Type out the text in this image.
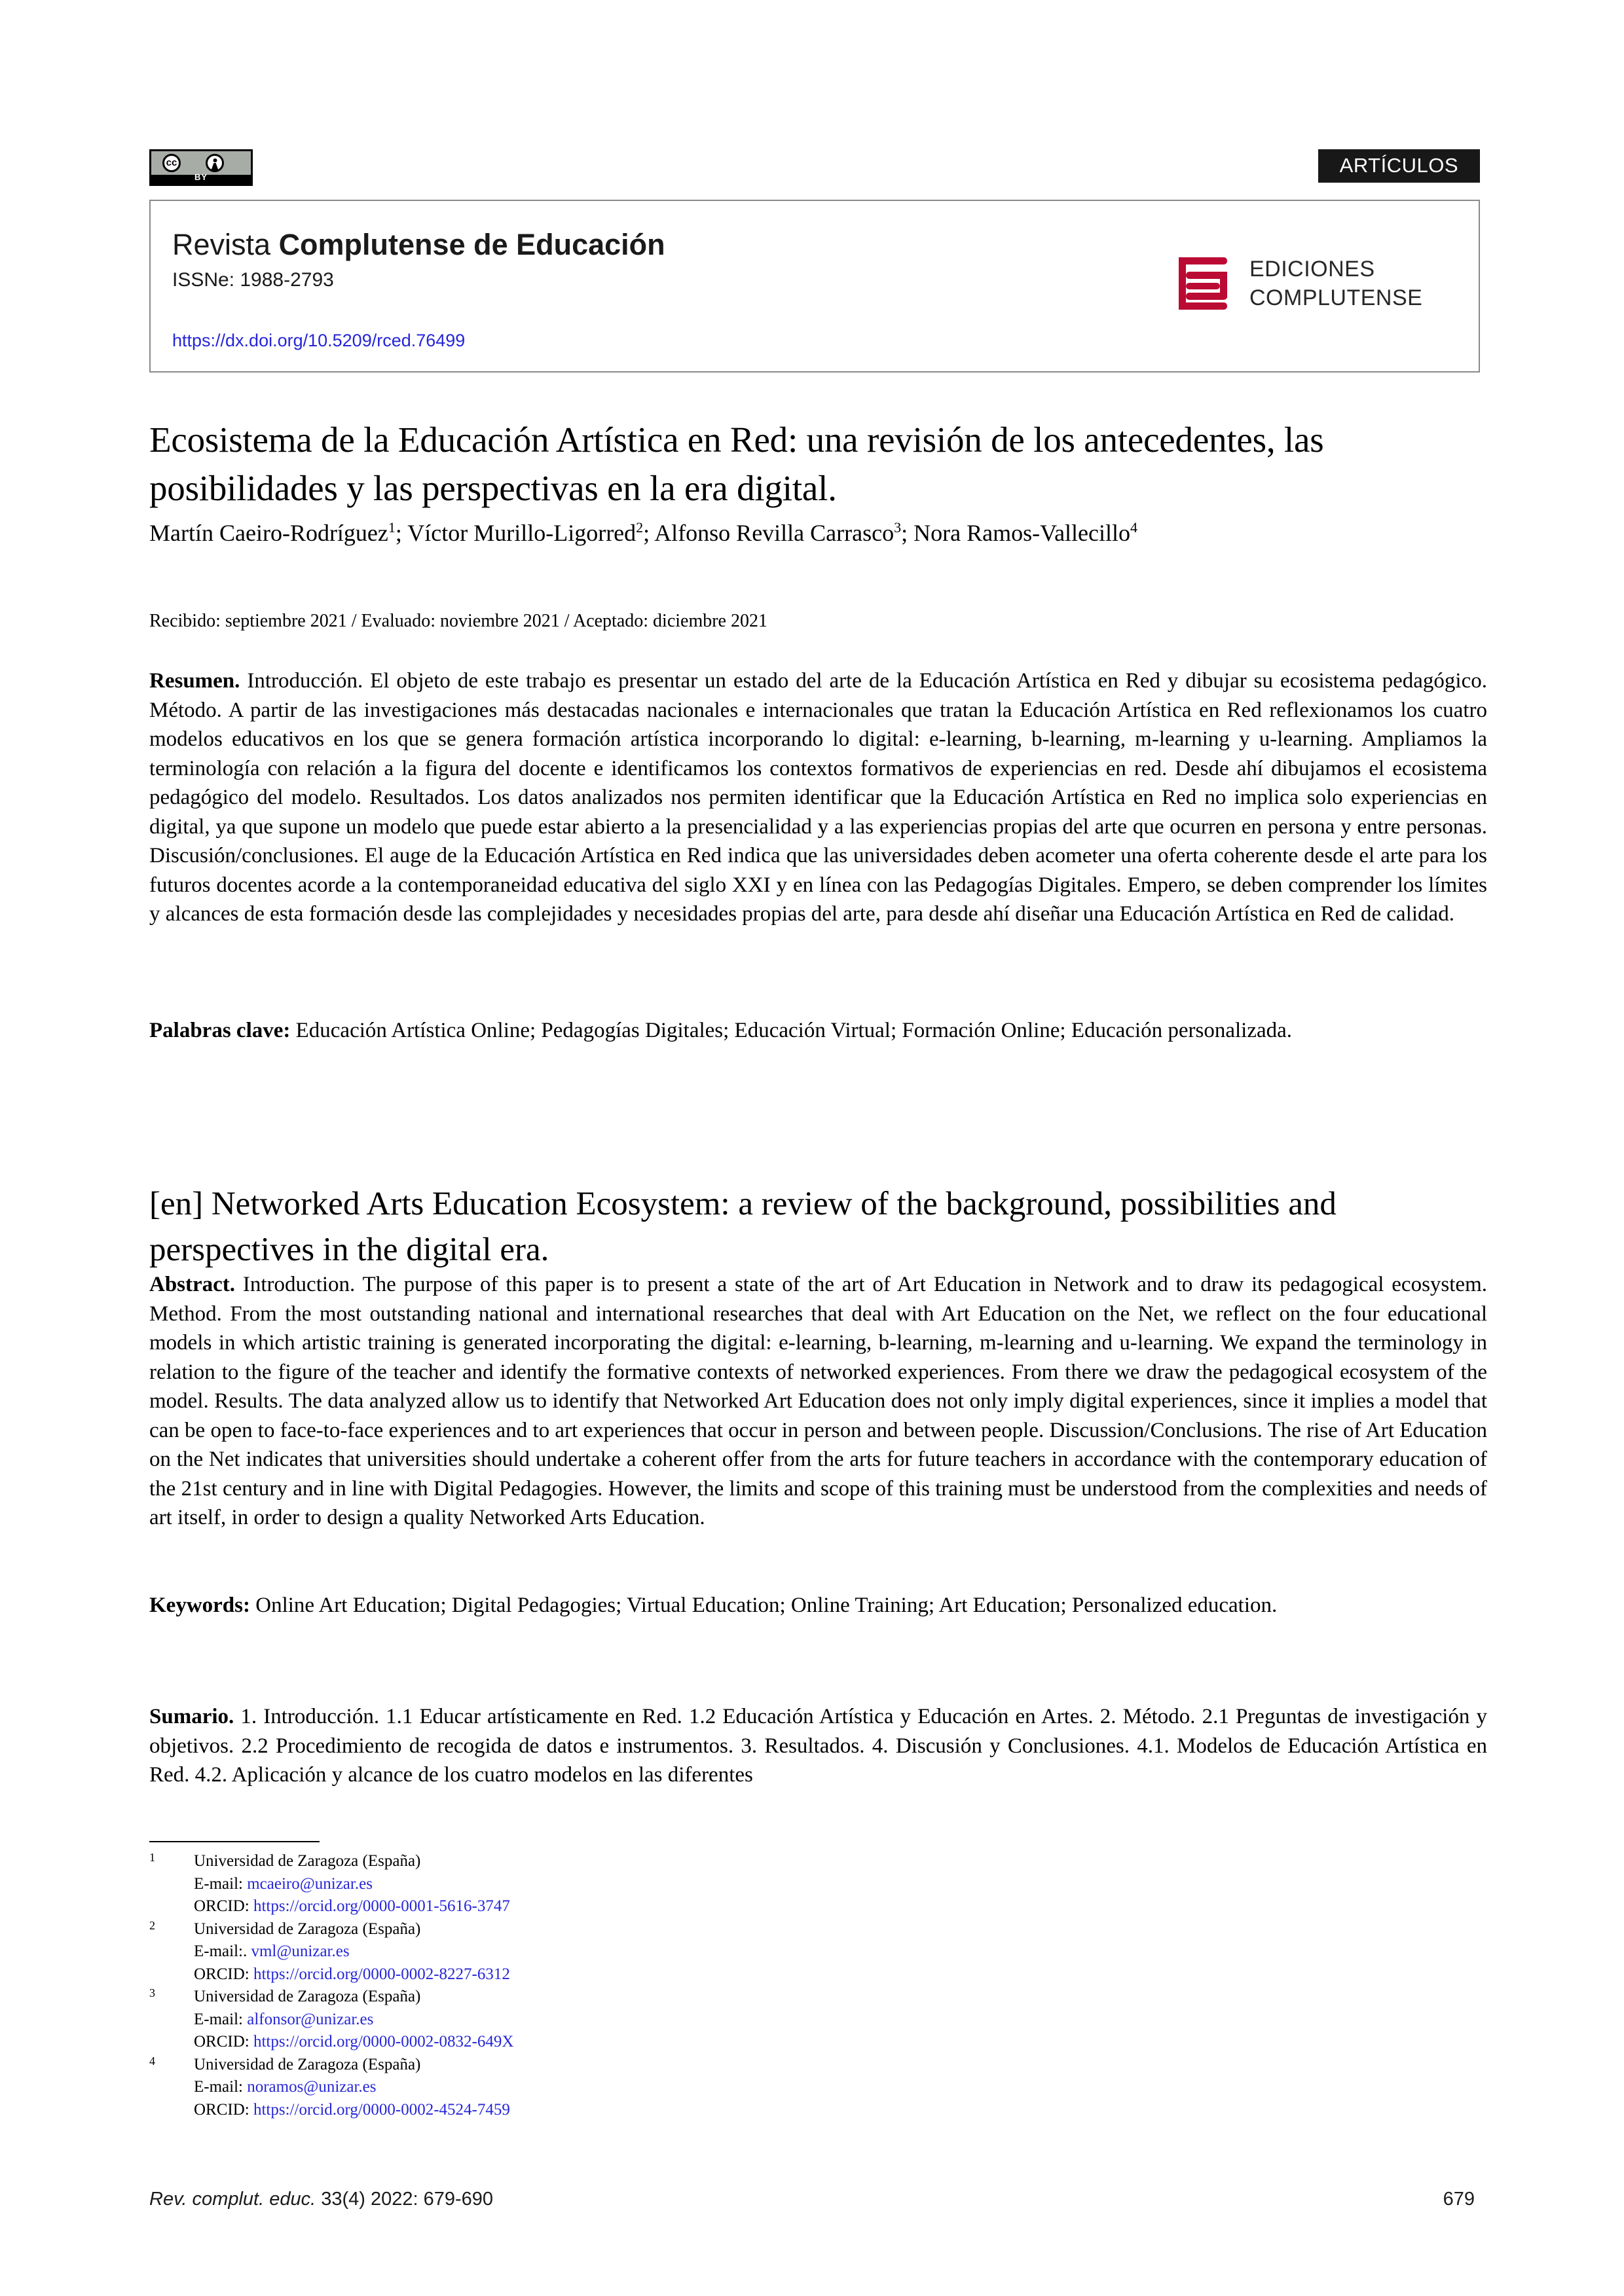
cc
BY
ARTÍCULOS
Revista Complutense de Educación
ISSNe: 1988-2793
https://dx.doi.org/10.5209/rced.76499
EDICIONES
COMPLUTENSE
Ecosistema de la Educación Artística en Red: una revisión de los antecedentes, las posibilidades y las perspectivas en la era digital.
Martín Caeiro-Rodríguez$^1$; Víctor Murillo-Ligorred$^2$; Alfonso Revilla Carrasco$^3$; Nora Ramos-Vallecillo$^4$
Recibido: septiembre 2021 / Evaluado: noviembre 2021 / Aceptado: diciembre 2021
Resumen. Introducción. El objeto de este trabajo es presentar un estado del arte de la Educación Artística en Red y dibujar su ecosistema pedagógico. Método. A partir de las investigaciones más destacadas nacionales e internacionales que tratan la Educación Artística en Red reflexionamos los cuatro modelos educativos en los que se genera formación artística incorporando lo digital: e-learning, b-learning, m-learning y u-learning. Ampliamos la terminología con relación a la figura del docente e identificamos los contextos formativos de experiencias en red. Desde ahí dibujamos el ecosistema pedagógico del modelo. Resultados. Los datos analizados nos permiten identificar que la Educación Artística en Red no implica solo experiencias en digital, ya que supone un modelo que puede estar abierto a la presencialidad y a las experiencias propias del arte que ocurren en persona y entre personas. Discusión/conclusiones. El auge de la Educación Artística en Red indica que las universidades deben acometer una oferta coherente desde el arte para los futuros docentes acorde a la contemporaneidad educativa del siglo XXI y en línea con las Pedagogías Digitales. Empero, se deben comprender los límites y alcances de esta formación desde las complejidades y necesidades propias del arte, para desde ahí diseñar una Educación Artística en Red de calidad.
Palabras clave: Educación Artística Online; Pedagogías Digitales; Educación Virtual; Formación Online; Educación personalizada.
[en] Networked Arts Education Ecosystem: a review of the background, possibilities and perspectives in the digital era.
Abstract. Introduction. The purpose of this paper is to present a state of the art of Art Education in Network and to draw its pedagogical ecosystem. Method. From the most outstanding national and international researches that deal with Art Education on the Net, we reflect on the four educational models in which artistic training is generated incorporating the digital: e-learning, b-learning, m-learning and u-learning. We expand the terminology in relation to the figure of the teacher and identify the formative contexts of networked experiences. From there we draw the pedagogical ecosystem of the model. Results. The data analyzed allow us to identify that Networked Art Education does not only imply digital experiences, since it implies a model that can be open to face-to-face experiences and to art experiences that occur in person and between people. Discussion/Conclusions. The rise of Art Education on the Net indicates that universities should undertake a coherent offer from the arts for future teachers in accordance with the contemporary education of the 21st century and in line with Digital Pedagogies. However, the limits and scope of this training must be understood from the complexities and needs of art itself, in order to design a quality Networked Arts Education.
Keywords: Online Art Education; Digital Pedagogies; Virtual Education; Online Training; Art Education; Personalized education.
Sumario. 1. Introducción. 1.1 Educar artísticamente en Red. 1.2 Educación Artística y Educación en Artes. 2. Método. 2.1 Preguntas de investigación y objetivos. 2.2 Procedimiento de recogida de datos e instrumentos. 3. Resultados. 4. Discusión y Conclusiones. 4.1. Modelos de Educación Artística en Red. 4.2. Aplicación y alcance de los cuatro modelos en las diferentes
1 Universidad de Zaragoza (España)
E-mail: mcaeiro@unizar.es
ORCID: https://orcid.org/0000-0001-5616-3747
2 Universidad de Zaragoza (España)
E-mail:. vml@unizar.es
ORCID: https://orcid.org/0000-0002-8227-6312
3 Universidad de Zaragoza (España)
E-mail: alfonsor@unizar.es
ORCID: https://orcid.org/0000-0002-0832-649X
4 Universidad de Zaragoza (España)
E-mail: noramos@unizar.es
ORCID: https://orcid.org/0000-0002-4524-7459
Rev. complut. educ. 33(4) 2022: 679-690	679
